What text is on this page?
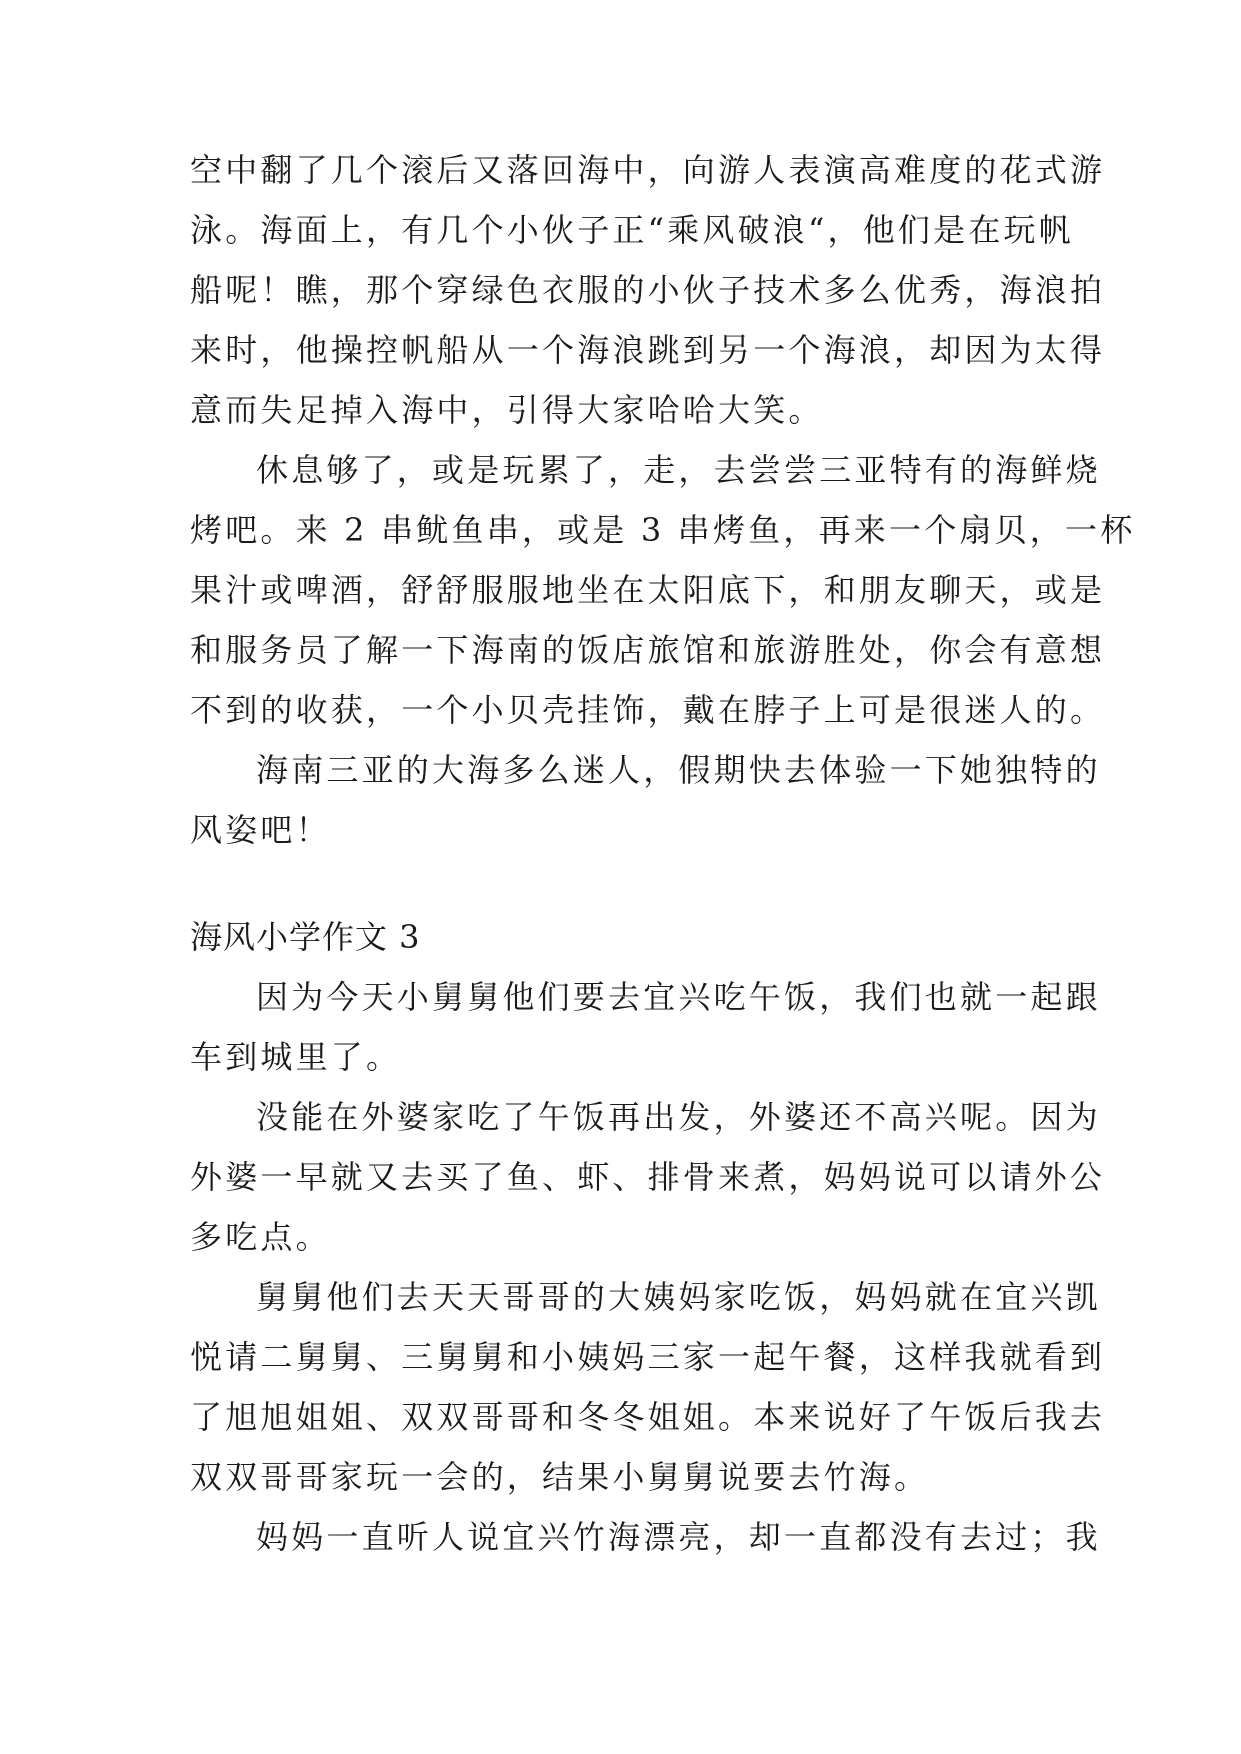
空中翻了几个滚后又落回海中，向游人表演高难度的花式游
泳。海面上，有几个小伙子正“乘风破浪“，他们是在玩帆
船呢！瞧，那个穿绿色衣服的小伙子技术多么优秀，海浪拍
来时，他操控帆船从一个海浪跳到另一个海浪，却因为太得
意而失足掉入海中，引得大家哈哈大笑。
休息够了，或是玩累了，走，去尝尝三亚特有的海鲜烧
烤吧。来 2 串鱿鱼串，或是 3 串烤鱼，再来一个扇贝，一杯
果汁或啤酒，舒舒服服地坐在太阳底下，和朋友聊天，或是
和服务员了解一下海南的饭店旅馆和旅游胜处，你会有意想
不到的收获，一个小贝壳挂饰，戴在脖子上可是很迷人的。
海南三亚的大海多么迷人，假期快去体验一下她独特的
风姿吧！
海风小学作文 3
因为今天小舅舅他们要去宜兴吃午饭，我们也就一起跟
车到城里了。
没能在外婆家吃了午饭再出发，外婆还不高兴呢。因为
外婆一早就又去买了鱼、虾、排骨来煮，妈妈说可以请外公
多吃点。
舅舅他们去天天哥哥的大姨妈家吃饭，妈妈就在宜兴凯
悦请二舅舅、三舅舅和小姨妈三家一起午餐，这样我就看到
了旭旭姐姐、双双哥哥和冬冬姐姐。本来说好了午饭后我去
双双哥哥家玩一会的，结果小舅舅说要去竹海。
妈妈一直听人说宜兴竹海漂亮，却一直都没有去过；我
